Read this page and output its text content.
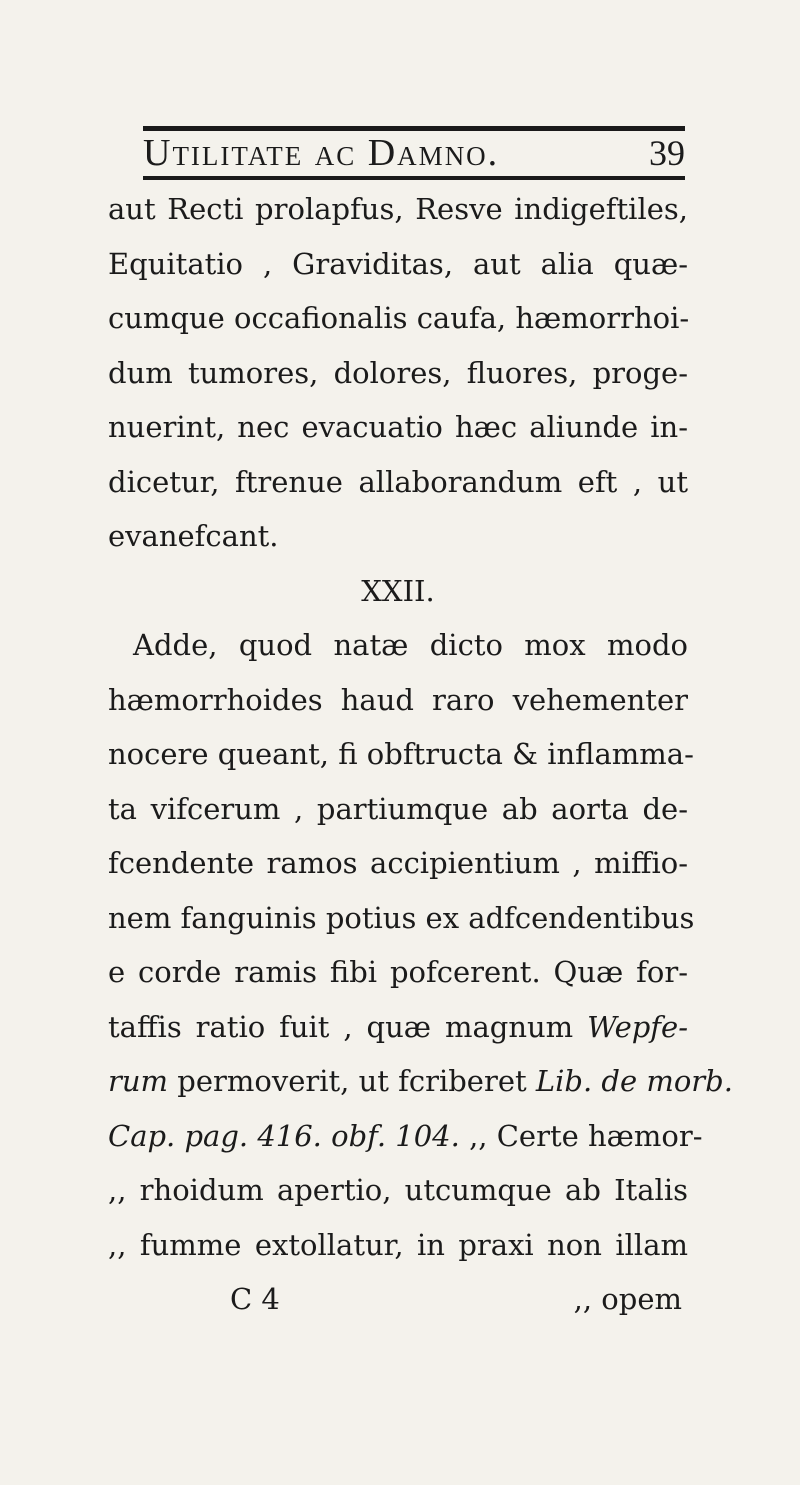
Utilitate ac Damno.	39
aut Recti prolapfus, Resve indigeftiles,
Equitatio , Graviditas, aut alia quæ-
cumque occafionalis caufa, hæmorrhoi-
dum tumores, dolores, fluores, proge-
nuerint, nec evacuatio hæc aliunde in-
dicetur, ftrenue allaborandum eft , ut
evanefcant.
XXII.
Adde, quod natæ dicto mox modo
hæmorrhoides haud raro vehementer
nocere queant, fi obftructa & inflamma-
ta vifcerum , partiumque ab aorta de-
fcendente ramos accipientium , miffio-
nem fanguinis potius ex adfcendentibus
e corde ramis fibi pofcerent. Quæ for-
taffis ratio fuit , quæ magnum Wepfe-
rum permoverit, ut fcriberet Lib. de morb.
Cap. pag. 416. obf. 104. ,, Certe hæmor-
,, rhoidum apertio, utcumque ab Italis
,, fumme extollatur, in praxi non illam
C 4	,, opem
